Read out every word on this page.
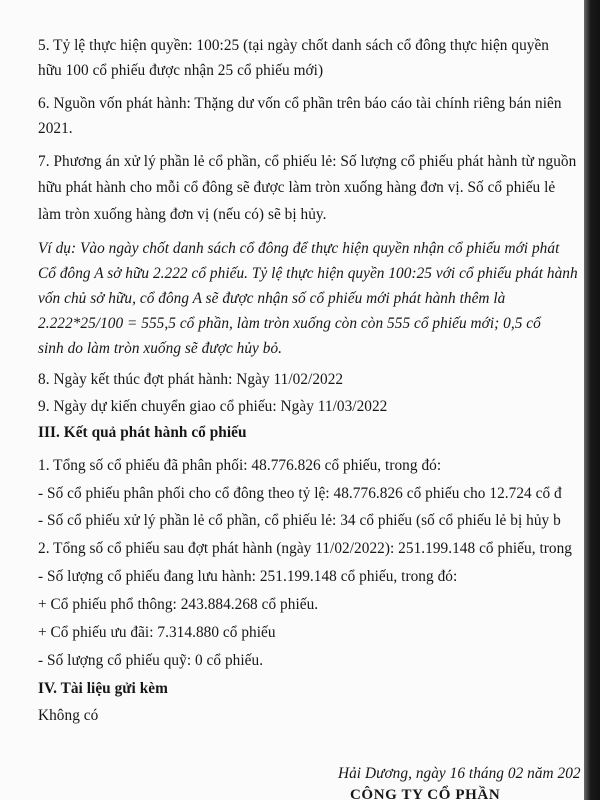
5. Tỷ lệ thực hiện quyền: 100:25 (tại ngày chốt danh sách cổ đông thực hiện quyền
hữu 100 cổ phiếu được nhận 25 cổ phiếu mới)
6. Nguồn vốn phát hành: Thặng dư vốn cổ phần trên báo cáo tài chính riêng bán niên
2021.
7. Phương án xử lý phần lẻ cổ phần, cổ phiếu lẻ: Số lượng cổ phiếu phát hành từ nguồn
hữu phát hành cho mỗi cổ đông sẽ được làm tròn xuống hàng đơn vị. Số cổ phiếu lẻ
làm tròn xuống hàng đơn vị (nếu có) sẽ bị hủy.
Ví dụ: Vào ngày chốt danh sách cổ đông để thực hiện quyền nhận cổ phiếu mới phát
Cổ đông A sở hữu 2.222 cổ phiếu. Tỷ lệ thực hiện quyền 100:25 với cổ phiếu phát hành
vốn chủ sở hữu, cổ đông A sẽ được nhận số cổ phiếu mới phát hành thêm là
2.222*25/100 = 555,5 cổ phần, làm tròn xuống còn còn 555 cổ phiếu mới; 0,5 cổ
sinh do làm tròn xuống sẽ được hủy bỏ.
8. Ngày kết thúc đợt phát hành: Ngày 11/02/2022
9. Ngày dự kiến chuyển giao cổ phiếu: Ngày 11/03/2022
III. Kết quả phát hành cổ phiếu
1. Tổng số cổ phiếu đã phân phối: 48.776.826 cổ phiếu, trong đó:
- Số cổ phiếu phân phối cho cổ đông theo tỷ lệ: 48.776.826 cổ phiếu cho 12.724 cổ đ
- Số cổ phiếu xử lý phần lẻ cổ phần, cổ phiếu lẻ: 34 cổ phiếu (số cổ phiếu lẻ bị hủy b
2. Tổng số cổ phiếu sau đợt phát hành (ngày 11/02/2022): 251.199.148 cổ phiếu, trong
- Số lượng cổ phiếu đang lưu hành: 251.199.148 cổ phiếu, trong đó:
+ Cổ phiếu phổ thông: 243.884.268 cổ phiếu.
+ Cổ phiếu ưu đãi: 7.314.880 cổ phiếu
- Số lượng cổ phiếu quỹ: 0 cổ phiếu.
IV. Tài liệu gửi kèm
Không có
Hải Dương, ngày 16 tháng 02 năm 202
CÔNG TY CỔ PHẦN
